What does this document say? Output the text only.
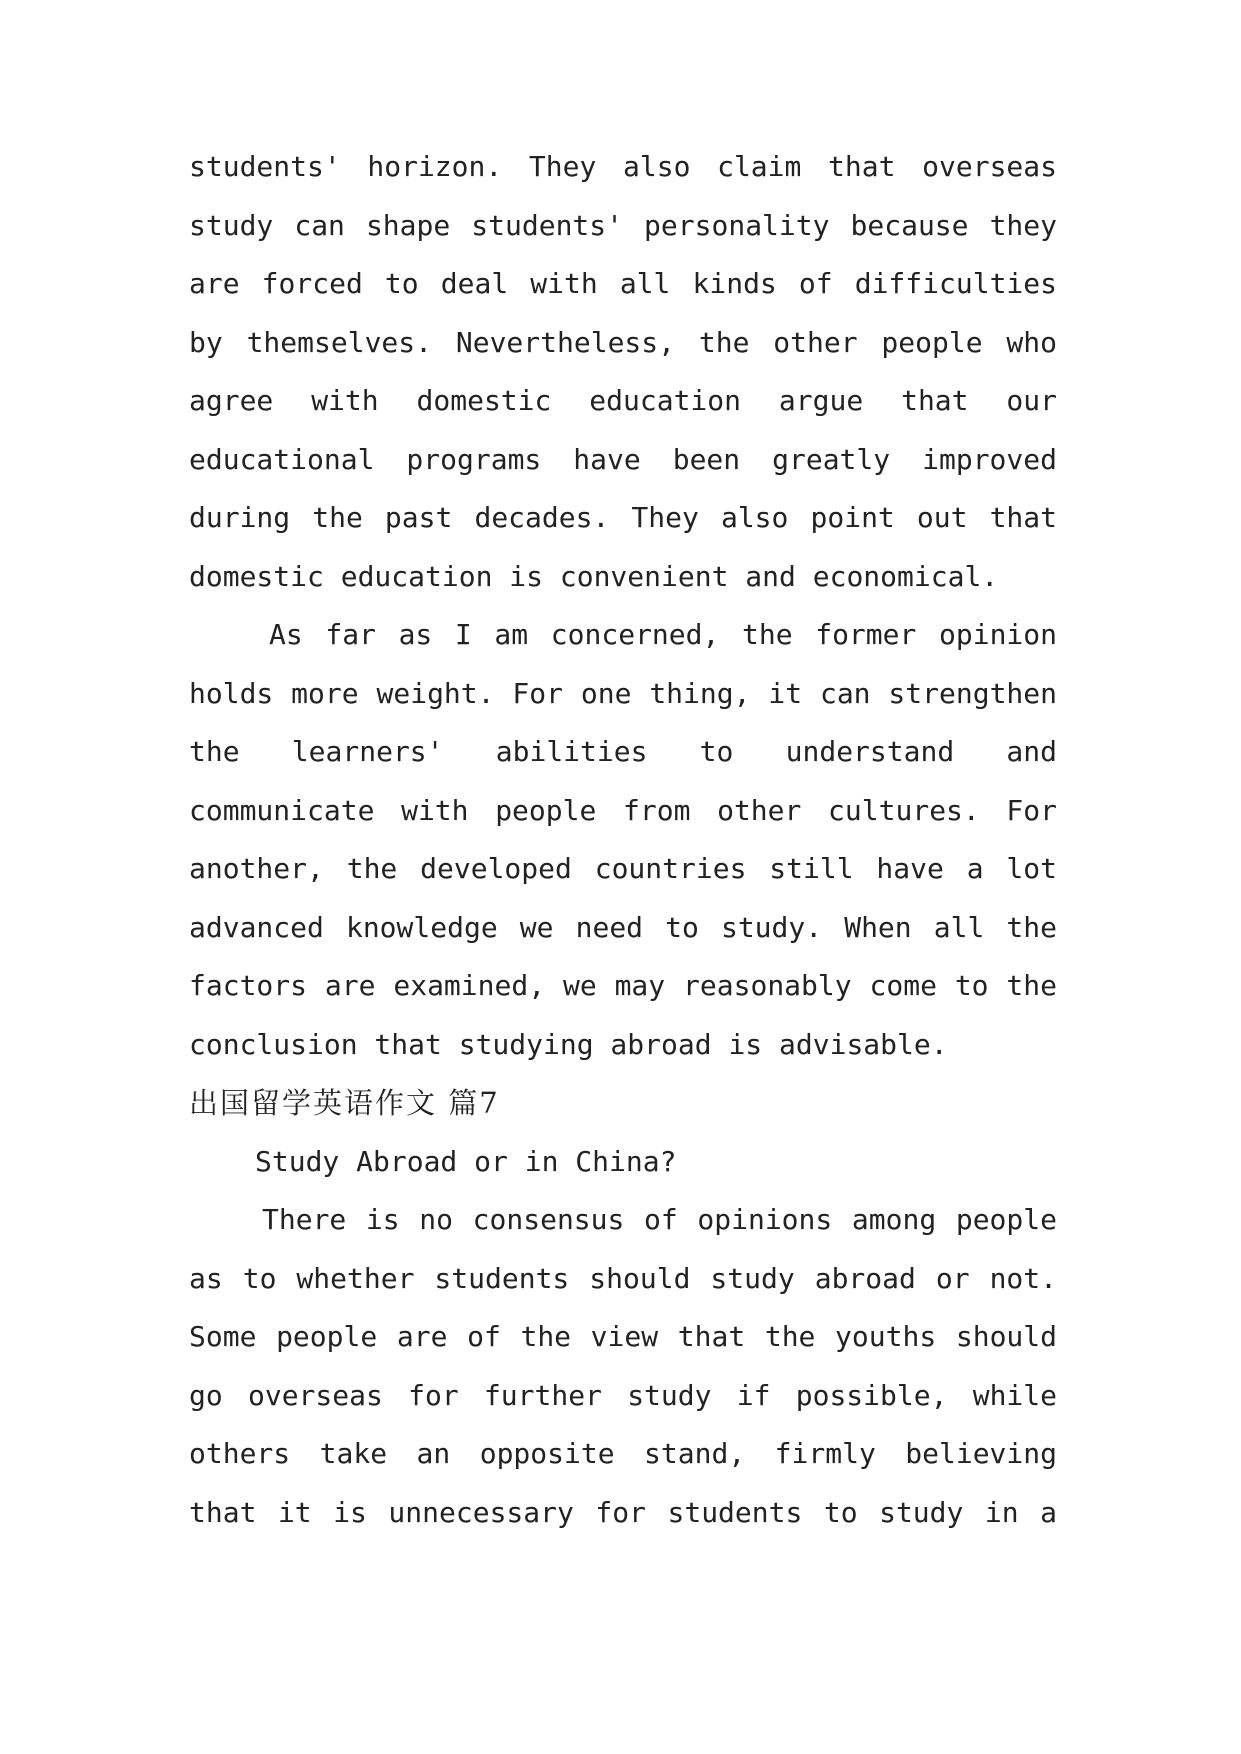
students' horizon. They also claim that overseas
study can shape students' personality because they
are forced to deal with all kinds of difficulties
by themselves. Nevertheless, the other people who
agree with domestic education argue that our
educational programs have been greatly improved
during the past decades. They also point out that
domestic education is convenient and economical.
As far as I am concerned, the former opinion
holds more weight. For one thing, it can strengthen
the learners' abilities to understand and
communicate with people from other cultures. For
another, the developed countries still have a lot
advanced knowledge we need to study. When all the
factors are examined, we may reasonably come to the
conclusion that studying abroad is advisable.
出国留学英语作文 篇7
Study Abroad or in China?
There is no consensus of opinions among people
as to whether students should study abroad or not.
Some people are of the view that the youths should
go overseas for further study if possible, while
others take an opposite stand, firmly believing
that it is unnecessary for students to study in a
